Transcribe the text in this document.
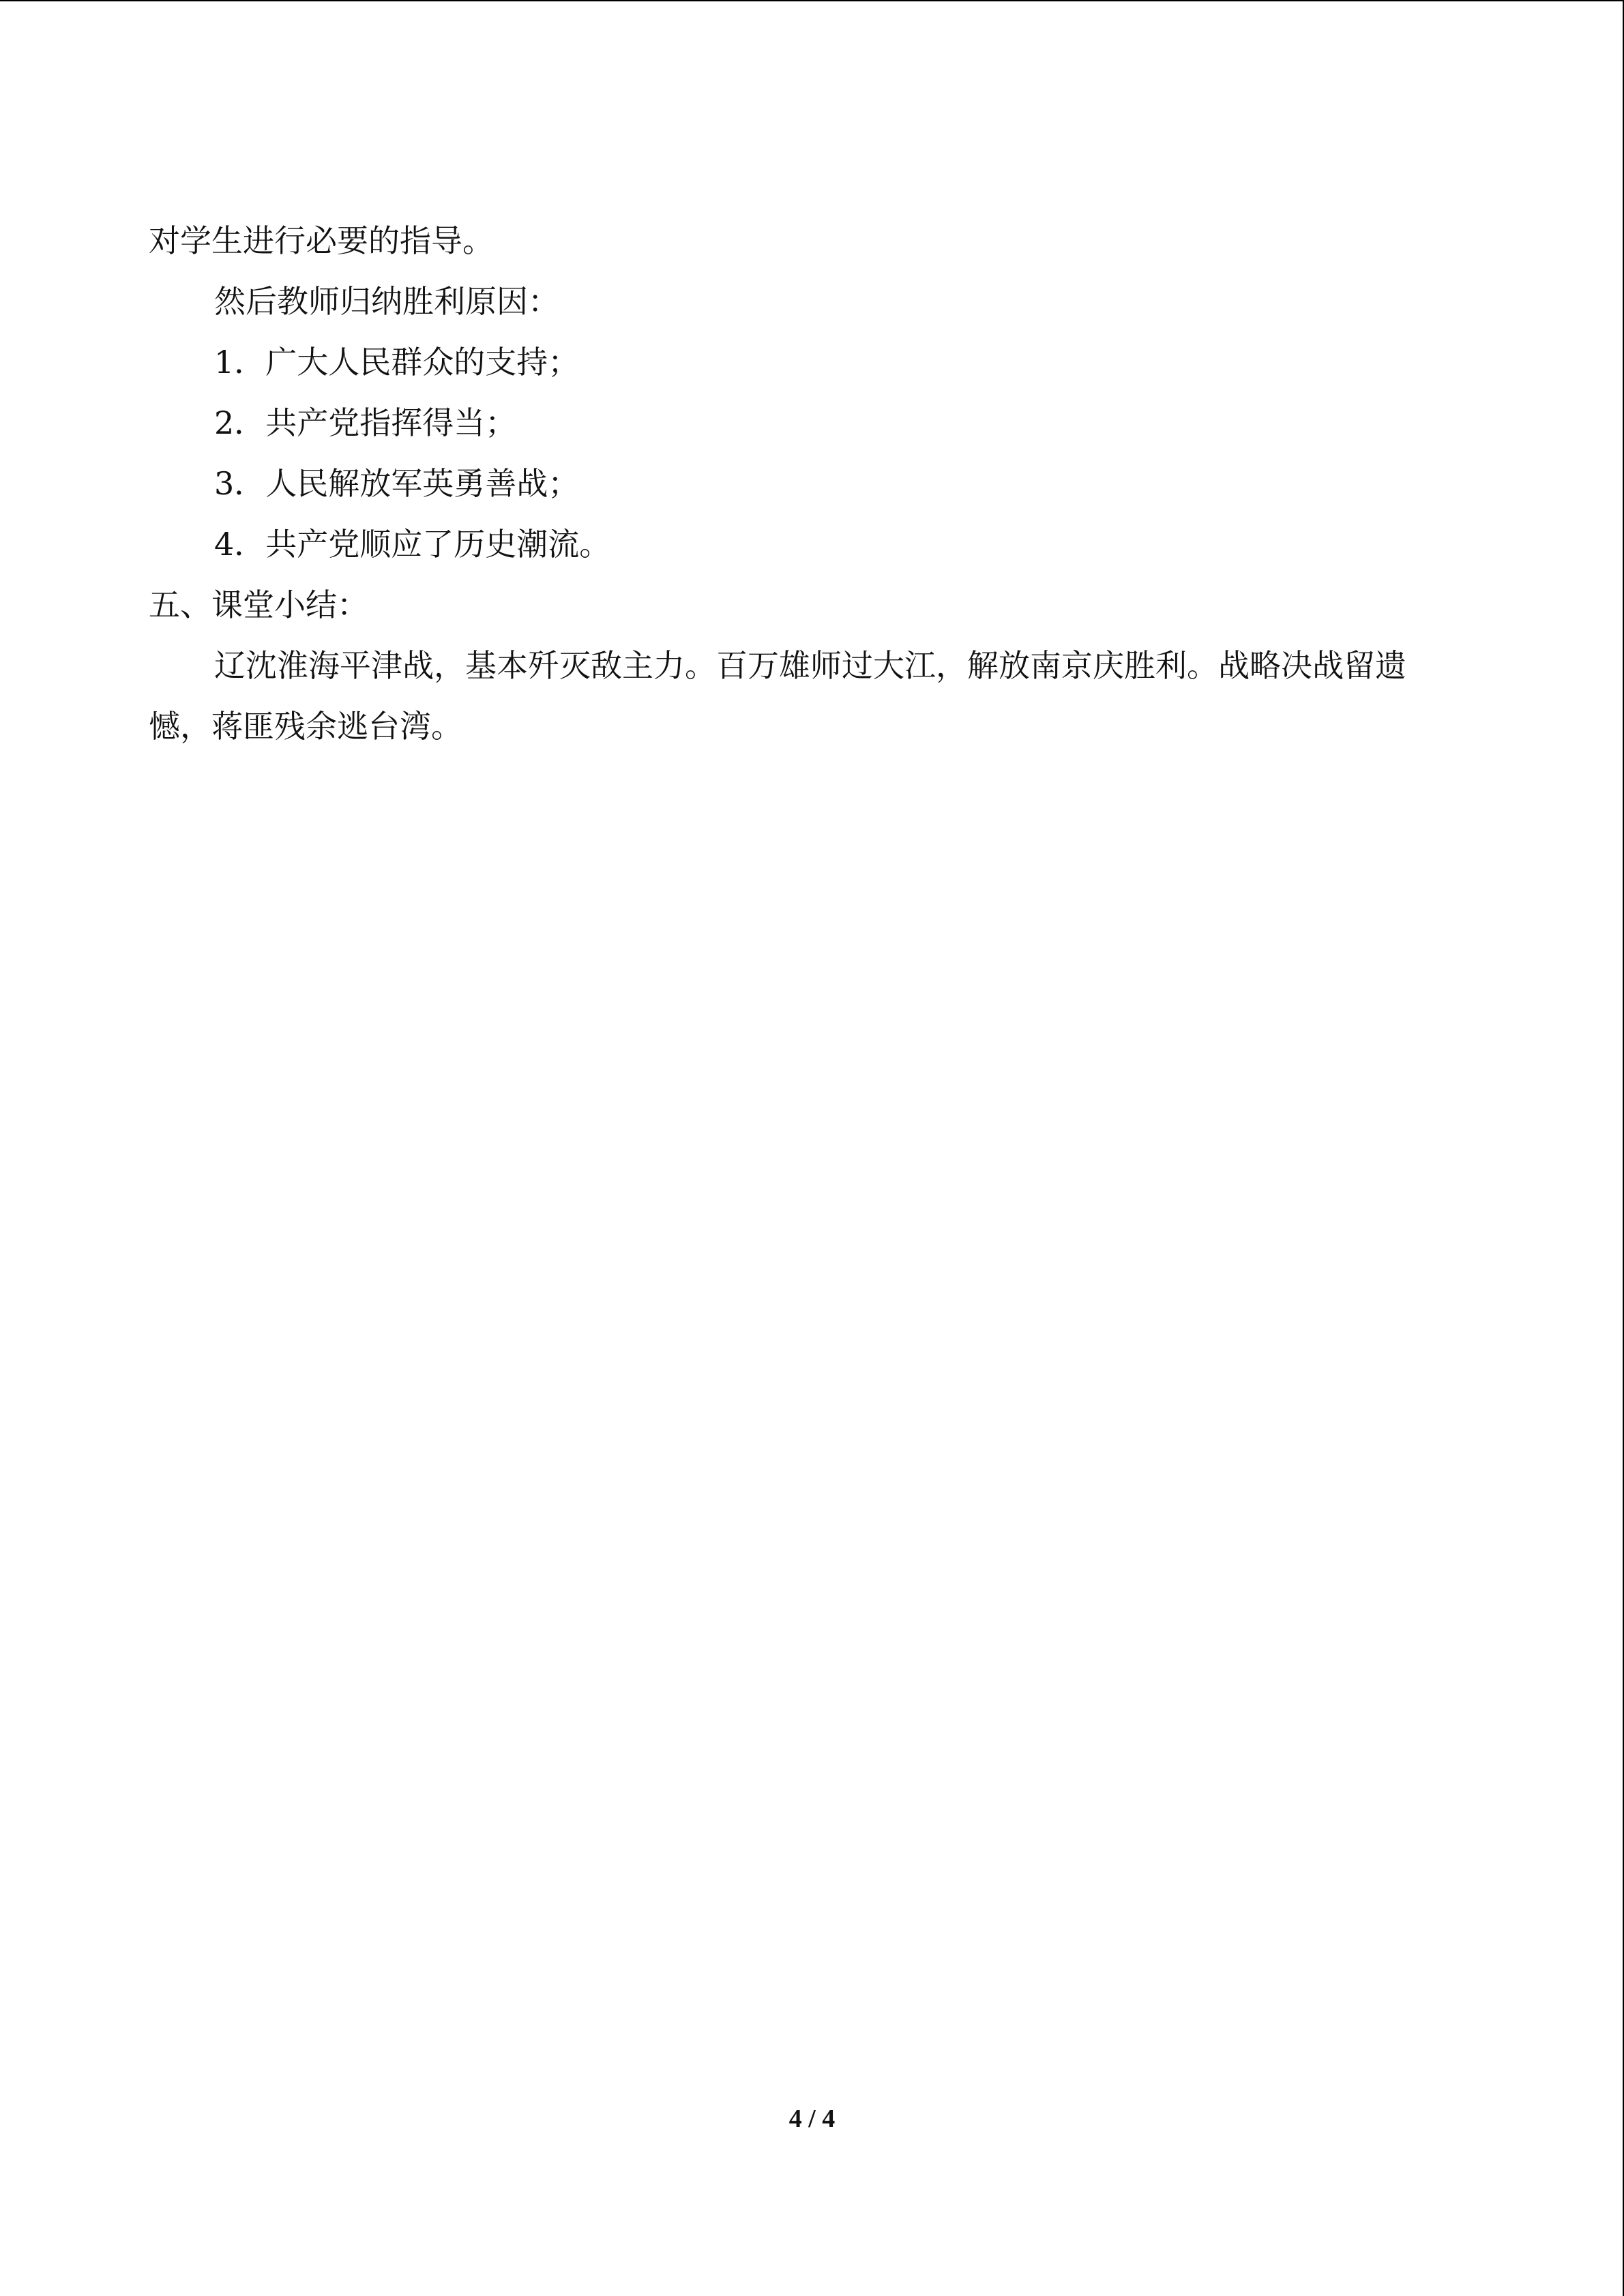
对学生进行必要的指导。
然后教师归纳胜利原因：
1．广大人民群众的支持；
2．共产党指挥得当；
3．人民解放军英勇善战；
4．共产党顺应了历史潮流。
五、课堂小结：
辽沈淮海平津战，基本歼灭敌主力。百万雄师过大江，解放南京庆胜利。战略决战留遗
憾，蒋匪残余逃台湾。
4 / 4
